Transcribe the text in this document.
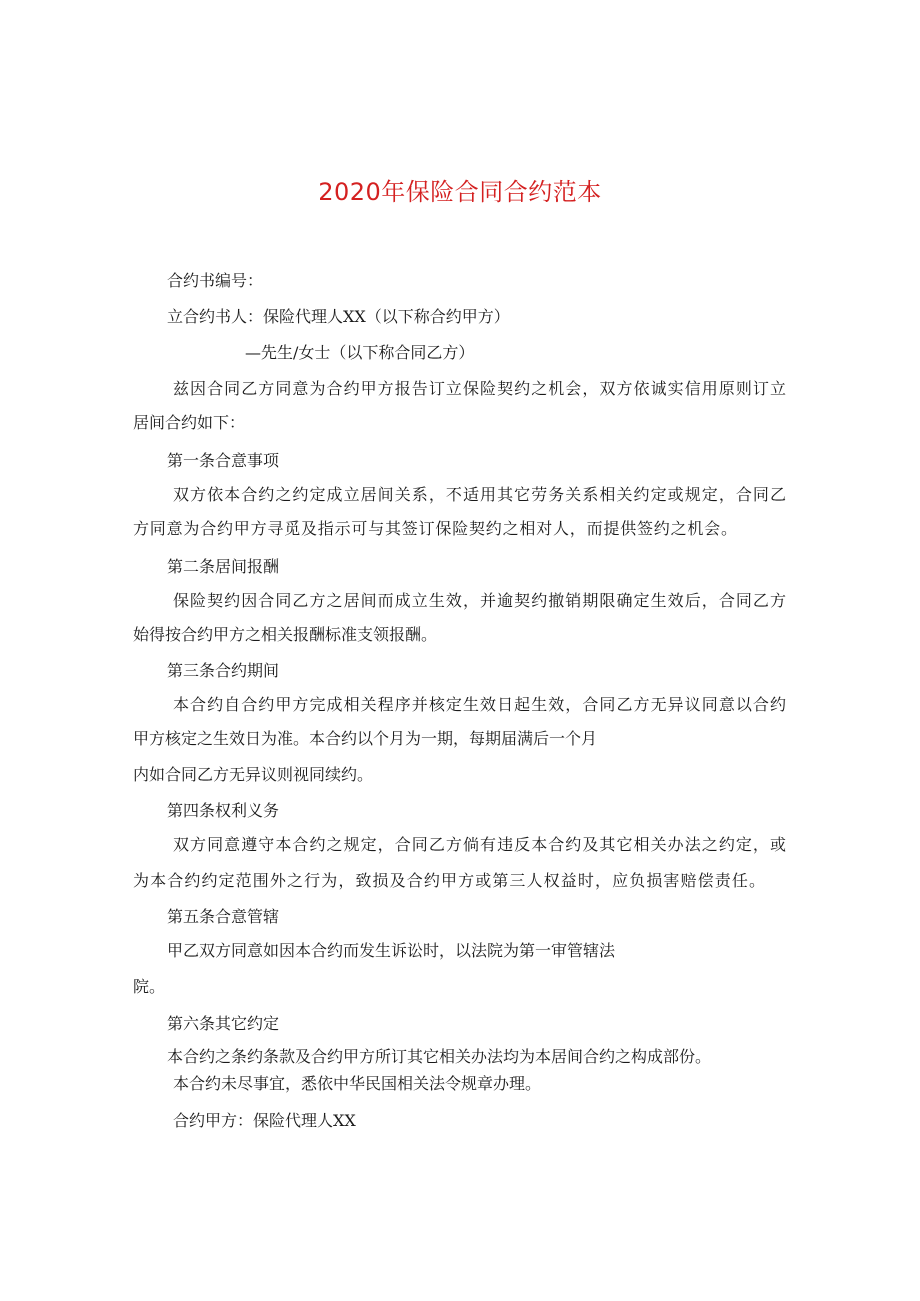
2020年保险合同合约范本
合约书编号：
立合约书人：保险代理人XX（以下称合约甲方）
—先生/女士（以下称合同乙方）
兹因合同乙方同意为合约甲方报告订立保险契约之机会，双方依诚实信用原则订立
居间合约如下：
第一条合意事项
双方依本合约之约定成立居间关系，不适用其它劳务关系相关约定或规定，合同乙
方同意为合约甲方寻觅及指示可与其签订保险契约之相对人，而提供签约之机会。
第二条居间报酬
保险契约因合同乙方之居间而成立生效，并逾契约撤销期限确定生效后，合同乙方
始得按合约甲方之相关报酬标准支领报酬。
第三条合约期间
本合约自合约甲方完成相关程序并核定生效日起生效，合同乙方无异议同意以合约
甲方核定之生效日为准。本合约以个月为一期，每期届满后一个月
内如合同乙方无异议则视同续约。
第四条权利义务
双方同意遵守本合约之规定，合同乙方倘有违反本合约及其它相关办法之约定，或
为本合约约定范围外之行为，致损及合约甲方或第三人权益时，应负损害赔偿责任。
第五条合意管辖
甲乙双方同意如因本合约而发生诉讼时，以法院为第一审管辖法
院。
第六条其它约定
本合约之条约条款及合约甲方所订其它相关办法均为本居间合约之构成部份。
本合约未尽事宜，悉依中华民国相关法令规章办理。
合约甲方：保险代理人XX
